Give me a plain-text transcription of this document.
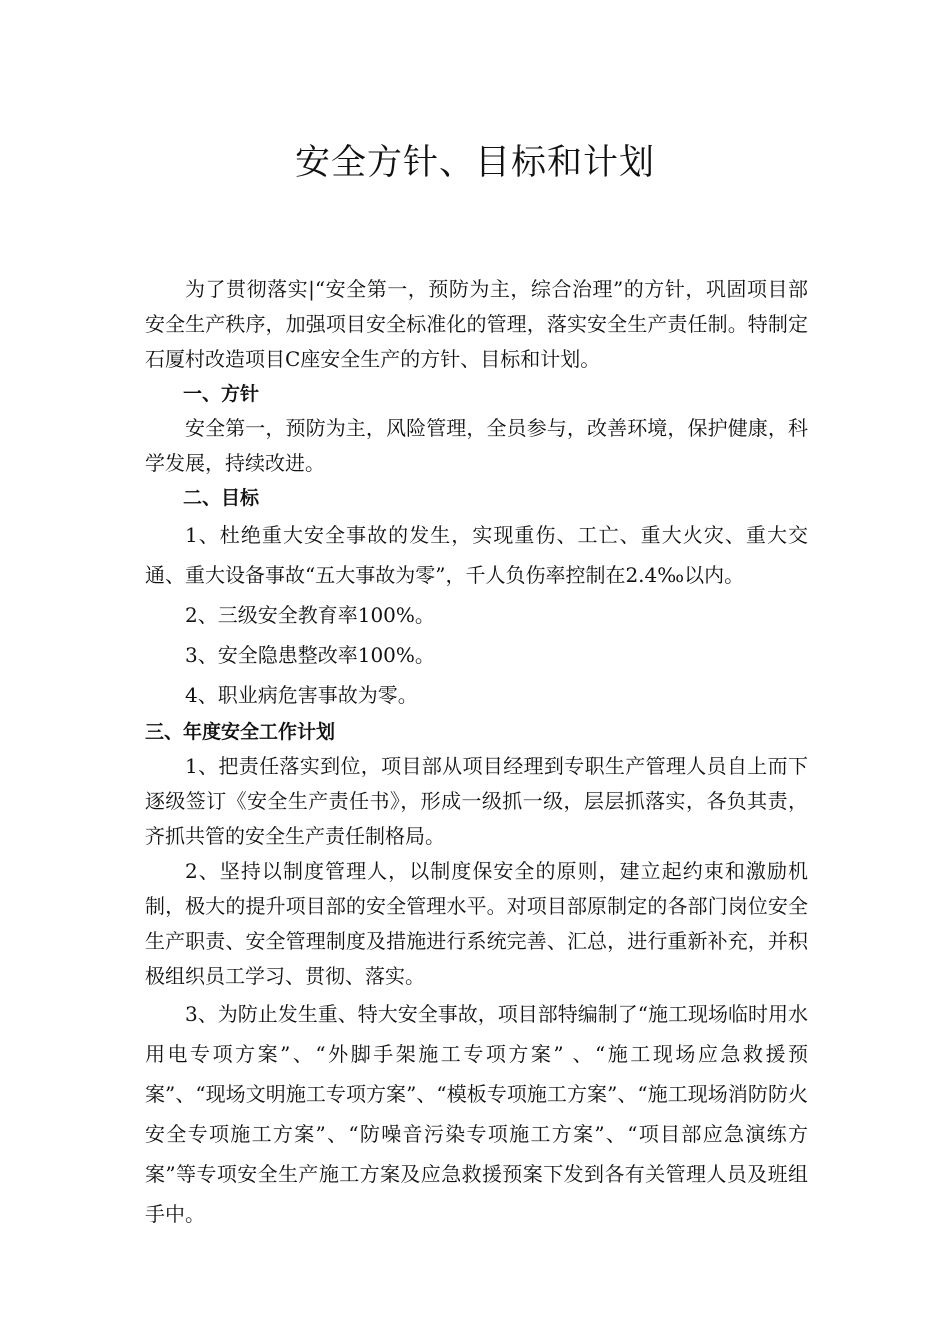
安全方针、目标和计划

为了贯彻落实|“安全第一，预防为主，综合治理”的方针，巩固项目部安全生产秩序，加强项目安全标准化的管理，落实安全生产责任制。特制定石厦村改造项目C座安全生产的方针、目标和计划。

一、方针

安全第一，预防为主，风险管理，全员参与，改善环境，保护健康，科学发展，持续改进。

二、目标

1、杜绝重大安全事故的发生，实现重伤、工亡、重大火灾、重大交通、重大设备事故“五大事故为零”，千人负伤率控制在2.4‰以内。

2、三级安全教育率100%。

3、安全隐患整改率100%。

4、职业病危害事故为零。

三、年度安全工作计划

1、把责任落实到位，项目部从项目经理到专职生产管理人员自上而下逐级签订《安全生产责任书》，形成一级抓一级，层层抓落实，各负其责，齐抓共管的安全生产责任制格局。

2、坚持以制度管理人，以制度保安全的原则，建立起约束和激励机制，极大的提升项目部的安全管理水平。对项目部原制定的各部门岗位安全生产职责、安全管理制度及措施进行系统完善、汇总，进行重新补充，并积极组织员工学习、贯彻、落实。

3、为防止发生重、特大安全事故，项目部特编制了“施工现场临时用水用电专项方案”、“外脚手架施工专项方案” 、“施工现场应急救援预案”、“现场文明施工专项方案”、“模板专项施工方案”、“施工现场消防防火安全专项施工方案”、“防噪音污染专项施工方案”、“项目部应急演练方案”等专项安全生产施工方案及应急救援预案下发到各有关管理人员及班组手中。
